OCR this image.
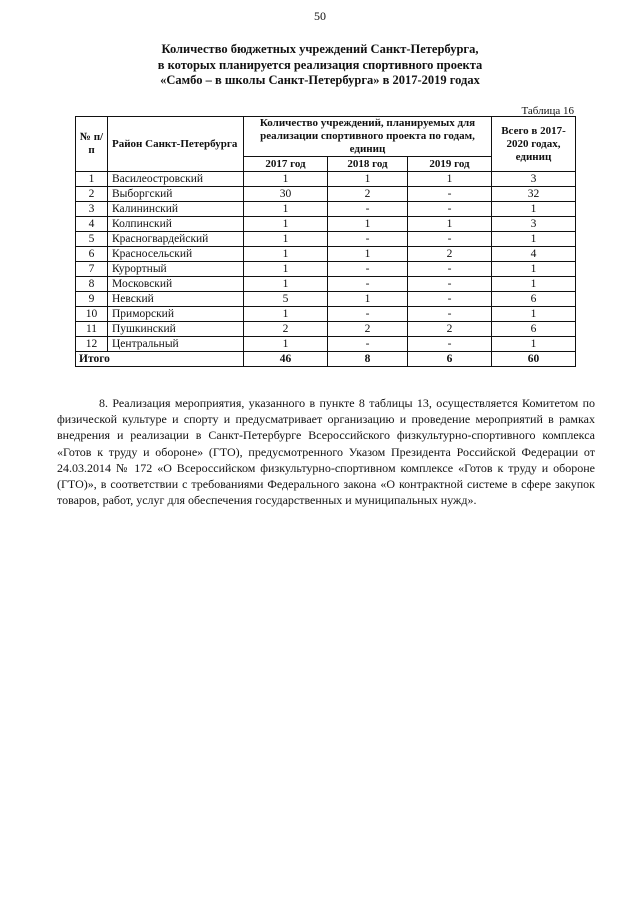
50
Количество бюджетных учреждений Санкт-Петербурга,
в которых планируется реализация спортивного проекта
«Самбо – в школы Санкт-Петербурга» в 2017-2019 годах
Таблица 16
№ п/п	Район Санкт-Петербурга	Количество учреждений, планируемых для реализации спортивного проекта по годам, единиц			Всего в 2017-2020 годах, единиц
		2017 год	2018 год	2019 год	
1	Василеостровский	1	1	1	3
2	Выборгский	30	2	-	32
3	Калининский	1	-	-	1
4	Колпинский	1	1	1	3
5	Красногвардейский	1	-	-	1
6	Красносельский	1	1	2	4
7	Курортный	1	-	-	1
8	Московский	1	-	-	1
9	Невский	5	1	-	6
10	Приморский	1	-	-	1
11	Пушкинский	2	2	2	6
12	Центральный	1	-	-	1
Итого		46	8	6	60

8. Реализация мероприятия, указанного в пункте 8 таблицы 13, осуществляется Комитетом по физической культуре и спорту и предусматривает организацию и проведение мероприятий в рамках внедрения и реализации в Санкт-Петербурге Всероссийского физкультурно-спортивного комплекса «Готов к труду и обороне» (ГТО), предусмотренного Указом Президента Российской Федерации от 24.03.2014 № 172 «О Всероссийском физкультурно-спортивном комплексе «Готов к труду и обороне (ГТО)», в соответствии с требованиями Федерального закона «О контрактной системе в сфере закупок товаров, работ, услуг для обеспечения государственных и муниципальных нужд».
